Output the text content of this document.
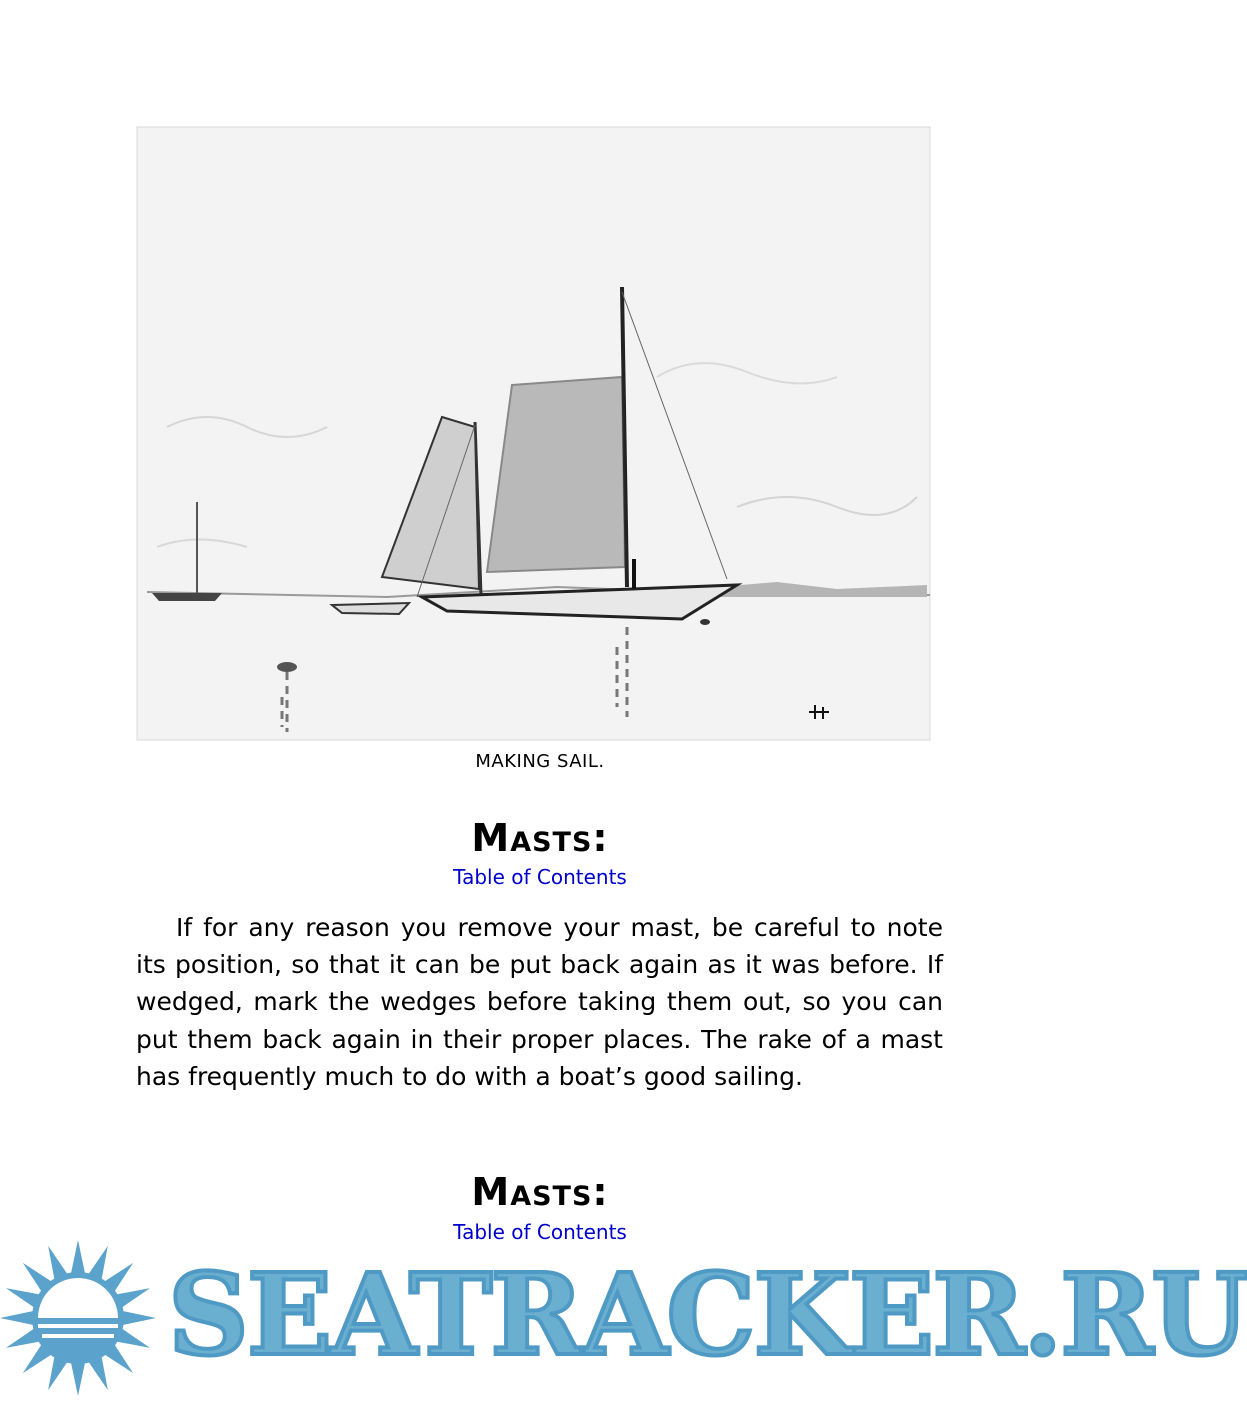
MAKING SAIL.
Masts:
Table of Contents

If for any reason you remove your mast, be careful to note its position, so that it can be put back again as it was before. If wedged, mark the wedges before taking them out, so you can put them back again in their proper places. The rake of a mast has frequently much to do with a boat’s good sailing.

Masts:
Table of Contents
SEATRACKER.RU
